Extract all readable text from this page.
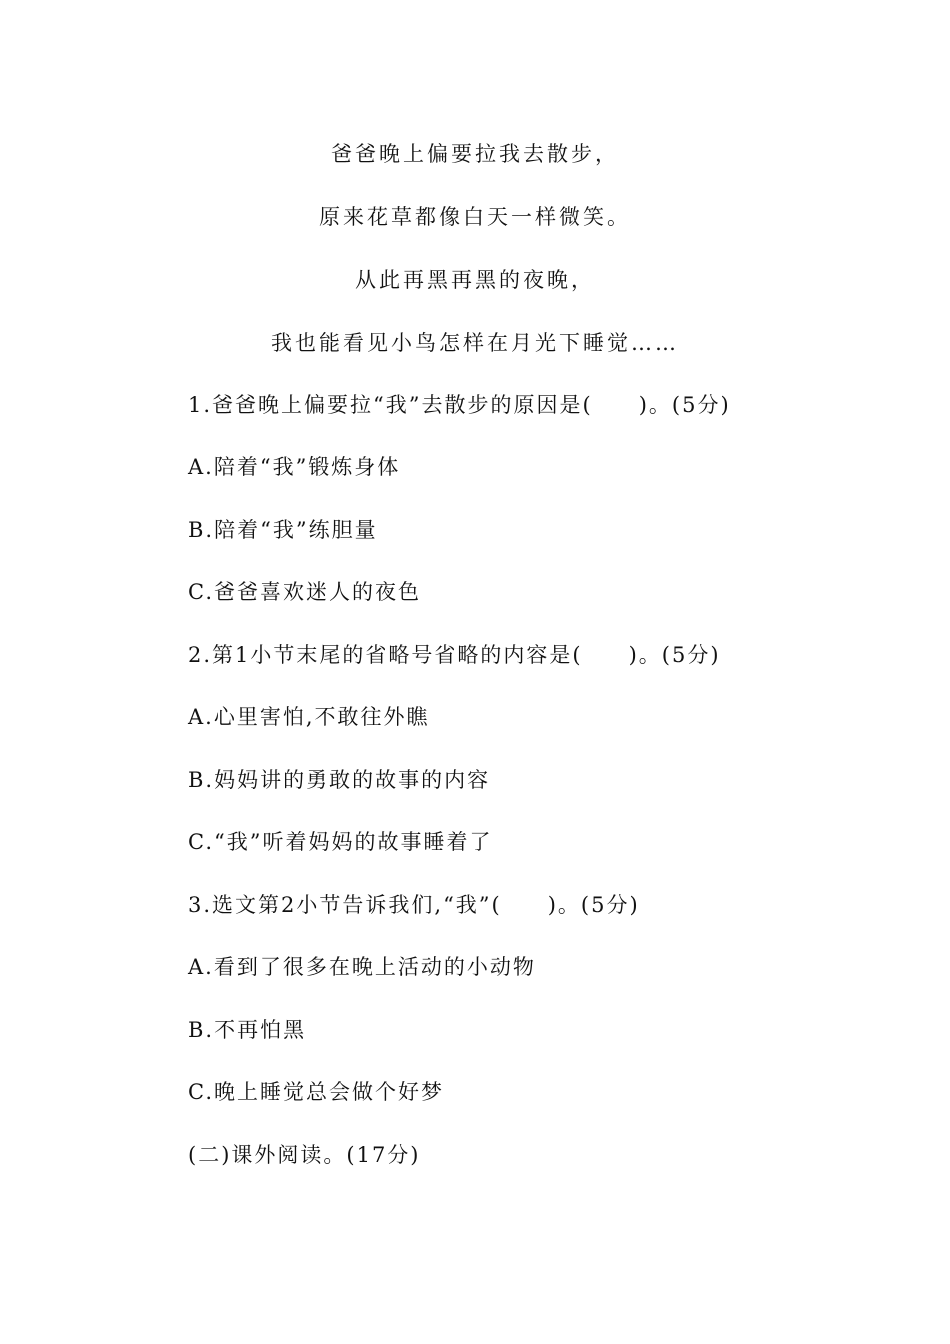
爸爸晚上偏要拉我去散步，
原来花草都像白天一样微笑。
从此再黑再黑的夜晚，
我也能看见小鸟怎样在月光下睡觉……
1.爸爸晚上偏要拉“我”去散步的原因是(　　)。(5分)
A.陪着“我”锻炼身体
B.陪着“我”练胆量
C.爸爸喜欢迷人的夜色
2.第1小节末尾的省略号省略的内容是(　　)。(5分)
A.心里害怕,不敢往外瞧
B.妈妈讲的勇敢的故事的内容
C.“我”听着妈妈的故事睡着了
3.选文第2小节告诉我们,“我”(　　)。(5分)
A.看到了很多在晚上活动的小动物
B.不再怕黑
C.晚上睡觉总会做个好梦
(二)课外阅读。(17分)
